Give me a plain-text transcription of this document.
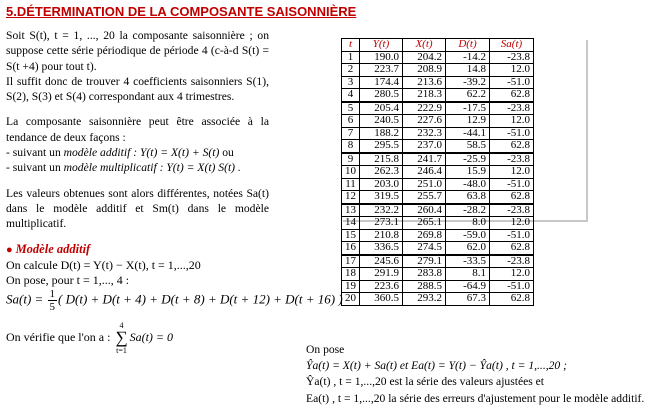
5.DÉTERMINATION DE LA COMPOSANTE SAISONNIÈRE

Soit S(t), t = 1, ..., 20 la composante saisonnière ; on suppose cette série périodique de période 4 (c-à-d S(t) = S(t +4) pour tout t).

Il suffit donc de trouver 4 coefficients saisonniers S(1), S(2), S(3) et S(4) correspondant aux 4 trimestres.

La composante saisonnière peut être associée à la tendance de deux façons :

- suivant un modèle additif : Y(t) = X(t) + S(t) ou

- suivant un modèle multiplicatif : Y(t) = X(t) S(t) .

Les valeurs obtenues sont alors différentes, notées Sa(t) dans le modèle additif et Sm(t) dans le modèle multiplicatif.

● Modèle additif

On calcule D(t) = Y(t) − X(t), t = 1,...,20

On pose, pour t = 1,..., 4 :

$Sa(t) = \frac{1}{5}$ ( D(t) + D(t + 4) + D(t + 8) + D(t + 12) + D(t + 16) )

On vérifie que l'on a : 4
∑
t=1Sa(t) = 0

t	Y(t)	X(t)	D(t)	Sa(t)
1	190.0	204.2	-14.2	-23.8
2	223.7	208.9	14.8	12.0
3	174.4	213.6	-39.2	-51.0
4	280.5	218.3	62.2	62.8
5	205.4	222.9	-17.5	-23.8
6	240.5	227.6	12.9	12.0
7	188.2	232.3	-44.1	-51.0
8	295.5	237.0	58.5	62.8
9	215.8	241.7	-25.9	-23.8
10	262.3	246.4	15.9	12.0
11	203.0	251.0	-48.0	-51.0
12	319.5	255.7	63.8	62.8
13	232.2	260.4	-28.2	-23.8
14	273.1	265.1	8.0	12.0
15	210.8	269.8	-59.0	-51.0
16	336.5	274.5	62.0	62.8
17	245.6	279.1	-33.5	-23.8
18	291.9	283.8	8.1	12.0
19	223.6	288.5	-64.9	-51.0
20	360.5	293.2	67.3	62.8

On pose

Ŷa(t) = X(t) + Sa(t) et Ea(t) = Y(t) − Ŷa(t) , t = 1,...,20 ;

Ŷa(t) , t = 1,...,20 est la série des valeurs ajustées et

Ea(t) , t = 1,...,20 la série des erreurs d'ajustement pour le modèle additif.
